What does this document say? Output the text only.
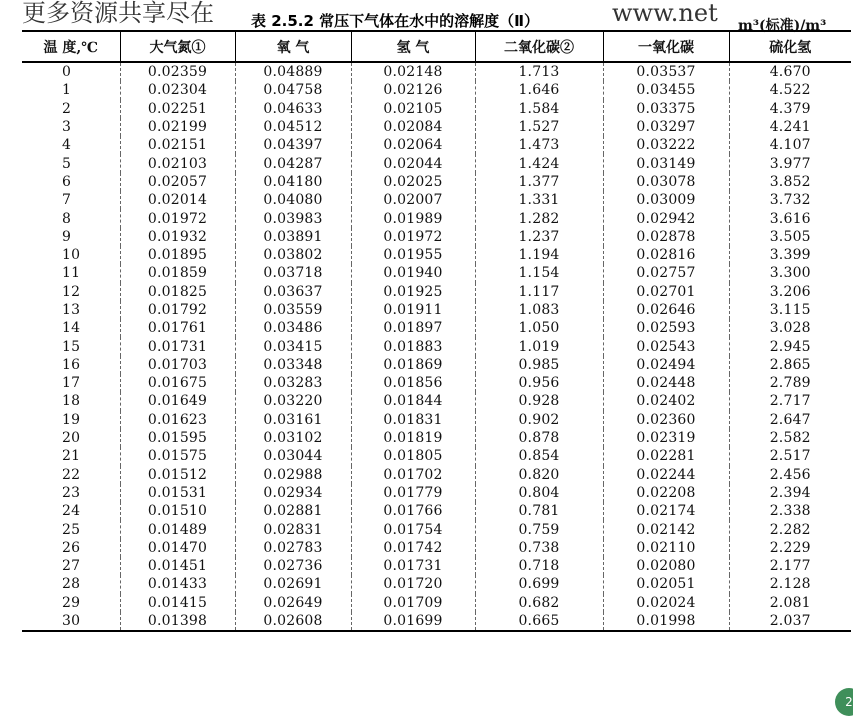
更多资源共享尽在	www.net
表 2.5.2 常压下气体在水中的溶解度（Ⅱ）	m³(标准)/m³
温 度,℃	大气氮①	氧 气	氢 气	二氧化碳②	一氧化碳	硫化氢
0	0.02359	0.04889	0.02148	1.713	0.03537	4.670
1	0.02304	0.04758	0.02126	1.646	0.03455	4.522
2	0.02251	0.04633	0.02105	1.584	0.03375	4.379
3	0.02199	0.04512	0.02084	1.527	0.03297	4.241
4	0.02151	0.04397	0.02064	1.473	0.03222	4.107
5	0.02103	0.04287	0.02044	1.424	0.03149	3.977
6	0.02057	0.04180	0.02025	1.377	0.03078	3.852
7	0.02014	0.04080	0.02007	1.331	0.03009	3.732
8	0.01972	0.03983	0.01989	1.282	0.02942	3.616
9	0.01932	0.03891	0.01972	1.237	0.02878	3.505
10	0.01895	0.03802	0.01955	1.194	0.02816	3.399
11	0.01859	0.03718	0.01940	1.154	0.02757	3.300
12	0.01825	0.03637	0.01925	1.117	0.02701	3.206
13	0.01792	0.03559	0.01911	1.083	0.02646	3.115
14	0.01761	0.03486	0.01897	1.050	0.02593	3.028
15	0.01731	0.03415	0.01883	1.019	0.02543	2.945
16	0.01703	0.03348	0.01869	0.985	0.02494	2.865
17	0.01675	0.03283	0.01856	0.956	0.02448	2.789
18	0.01649	0.03220	0.01844	0.928	0.02402	2.717
19	0.01623	0.03161	0.01831	0.902	0.02360	2.647
20	0.01595	0.03102	0.01819	0.878	0.02319	2.582
21	0.01575	0.03044	0.01805	0.854	0.02281	2.517
22	0.01512	0.02988	0.01702	0.820	0.02244	2.456
23	0.01531	0.02934	0.01779	0.804	0.02208	2.394
24	0.01510	0.02881	0.01766	0.781	0.02174	2.338
25	0.01489	0.02831	0.01754	0.759	0.02142	2.282
26	0.01470	0.02783	0.01742	0.738	0.02110	2.229
27	0.01451	0.02736	0.01731	0.718	0.02080	2.177
28	0.01433	0.02691	0.01720	0.699	0.02051	2.128
29	0.01415	0.02649	0.01709	0.682	0.02024	2.081
30	0.01398	0.02608	0.01699	0.665	0.01998	2.037
2
